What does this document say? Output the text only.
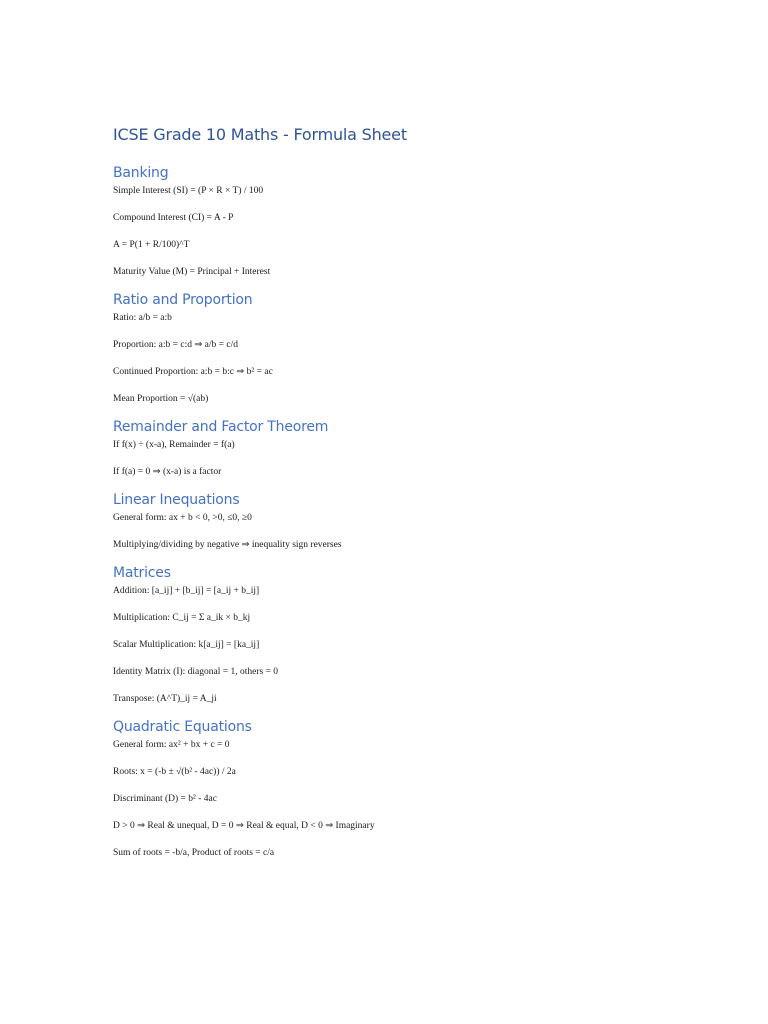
ICSE Grade 10 Maths - Formula Sheet
Banking

Simple Interest (SI) = (P × R × T) / 100

Compound Interest (CI) = A - P

A = P(1 + R/100)^T

Maturity Value (M) = Principal + Interest

Ratio and Proportion

Ratio: a/b = a:b

Proportion: a:b = c:d ⇒ a/b = c/d

Continued Proportion: a:b = b:c ⇒ b² = ac

Mean Proportion = √(ab)

Remainder and Factor Theorem

If f(x) ÷ (x-a), Remainder = f(a)

If f(a) = 0 ⇒ (x-a) is a factor

Linear Inequations

General form: ax + b < 0, >0, ≤0, ≥0

Multiplying/dividing by negative ⇒ inequality sign reverses

Matrices

Addition: [a_ij] + [b_ij] = [a_ij + b_ij]

Multiplication: C_ij = Σ a_ik × b_kj

Scalar Multiplication: k[a_ij] = [ka_ij]

Identity Matrix (I): diagonal = 1, others = 0

Transpose: (A^T)_ij = A_ji

Quadratic Equations

General form: ax² + bx + c = 0

Roots: x = (-b ± √(b² - 4ac)) / 2a

Discriminant (D) = b² - 4ac

D > 0 ⇒ Real & unequal, D = 0 ⇒ Real & equal, D < 0 ⇒ Imaginary

Sum of roots = -b/a, Product of roots = c/a
